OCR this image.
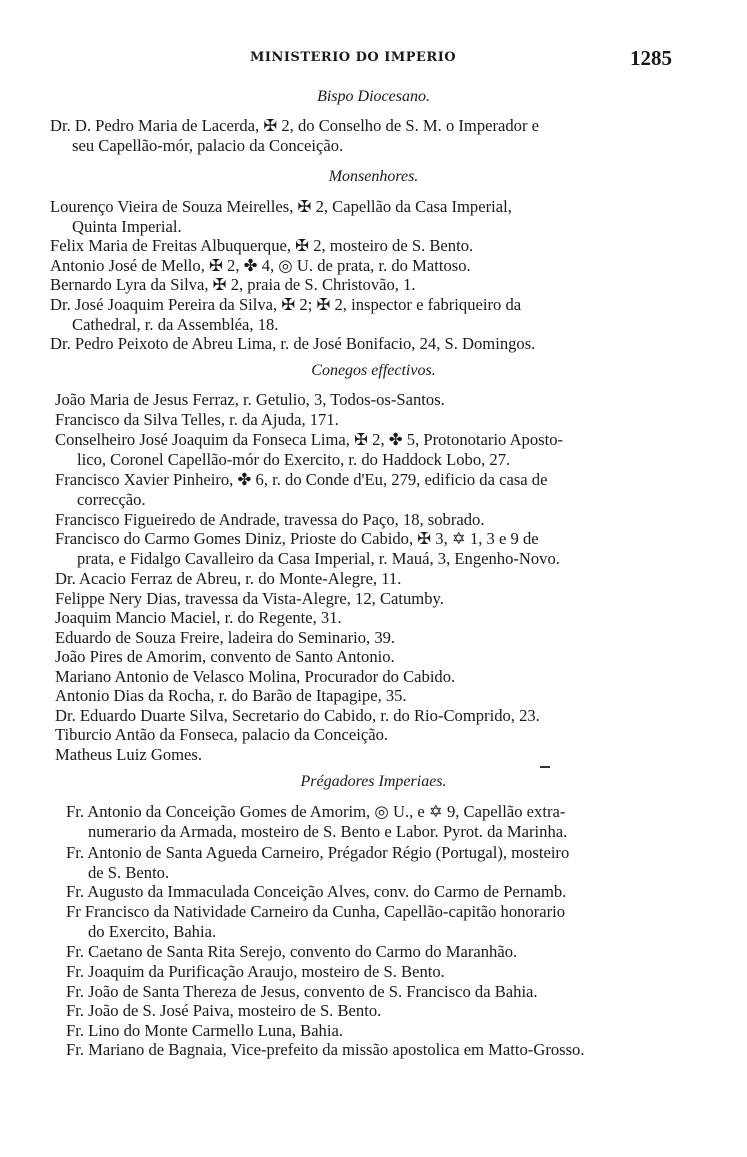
MINISTERIO DO IMPERIO	1285
Bispo Diocesano.
Dr. D. Pedro Maria de Lacerda, ✠ 2, do Conselho de S. M. o Imperador e
seu Capellão-mór, palacio da Conceição.
Monsenhores.
Lourenço Vieira de Souza Meirelles, ✠ 2, Capellão da Casa Imperial,
Quinta Imperial.
Felix Maria de Freitas Albuquerque, ✠ 2, mosteiro de S. Bento.
Antonio José de Mello, ✠ 2, ✤ 4, ◎ U. de prata, r. do Mattoso.
Bernardo Lyra da Silva, ✠ 2, praia de S. Christovão, 1.
Dr. José Joaquim Pereira da Silva, ✠ 2; ✠ 2, inspector e fabriqueiro da
Cathedral, r. da Assembléa, 18.
Dr. Pedro Peixoto de Abreu Lima, r. de José Bonifacio, 24, S. Domingos.
Conegos effectivos.
João Maria de Jesus Ferraz, r. Getulio, 3, Todos-os-Santos.
Francisco da Silva Telles, r. da Ajuda, 171.
Conselheiro José Joaquim da Fonseca Lima, ✠ 2, ✤ 5, Protonotario Aposto-
lico, Coronel Capellão-mór do Exercito, r. do Haddock Lobo, 27.
Francisco Xavier Pinheiro, ✤ 6, r. do Conde d'Eu, 279, edificio da casa de
correcção.
Francisco Figueiredo de Andrade, travessa do Paço, 18, sobrado.
Francisco do Carmo Gomes Diniz, Prioste do Cabido, ✠ 3, ✡ 1, 3 e 9 de
prata, e Fidalgo Cavalleiro da Casa Imperial, r. Mauá, 3, Engenho-Novo.
Dr. Acacio Ferraz de Abreu, r. do Monte-Alegre, 11.
Felippe Nery Dias, travessa da Vista-Alegre, 12, Catumby.
Joaquim Mancio Maciel, r. do Regente, 31.
Eduardo de Souza Freire, ladeira do Seminario, 39.
João Pires de Amorim, convento de Santo Antonio.
Mariano Antonio de Velasco Molina, Procurador do Cabido.
Antonio Dias da Rocha, r. do Barão de Itapagipe, 35.
Dr. Eduardo Duarte Silva, Secretario do Cabido, r. do Rio-Comprido, 23.
Tiburcio Antão da Fonseca, palacio da Conceição.
Matheus Luiz Gomes.
Prégadores Imperiaes.
Fr. Antonio da Conceição Gomes de Amorim, ◎ U., e ✡ 9, Capellão extra-
numerario da Armada, mosteiro de S. Bento e Labor. Pyrot. da Marinha.
Fr. Antonio de Santa Agueda Carneiro, Prégador Régio (Portugal), mosteiro
de S. Bento.
Fr. Augusto da Immaculada Conceição Alves, conv. do Carmo de Pernamb.
Fr Francisco da Natividade Carneiro da Cunha, Capellão-capitão honorario
do Exercito, Bahia.
Fr. Caetano de Santa Rita Serejo, convento do Carmo do Maranhão.
Fr. Joaquim da Purificação Araujo, mosteiro de S. Bento.
Fr. João de Santa Thereza de Jesus, convento de S. Francisco da Bahia.
Fr. João de S. José Paiva, mosteiro de S. Bento.
Fr. Lino do Monte Carmello Luna, Bahia.
Fr. Mariano de Bagnaia, Vice-prefeito da missão apostolica em Matto-Grosso.
